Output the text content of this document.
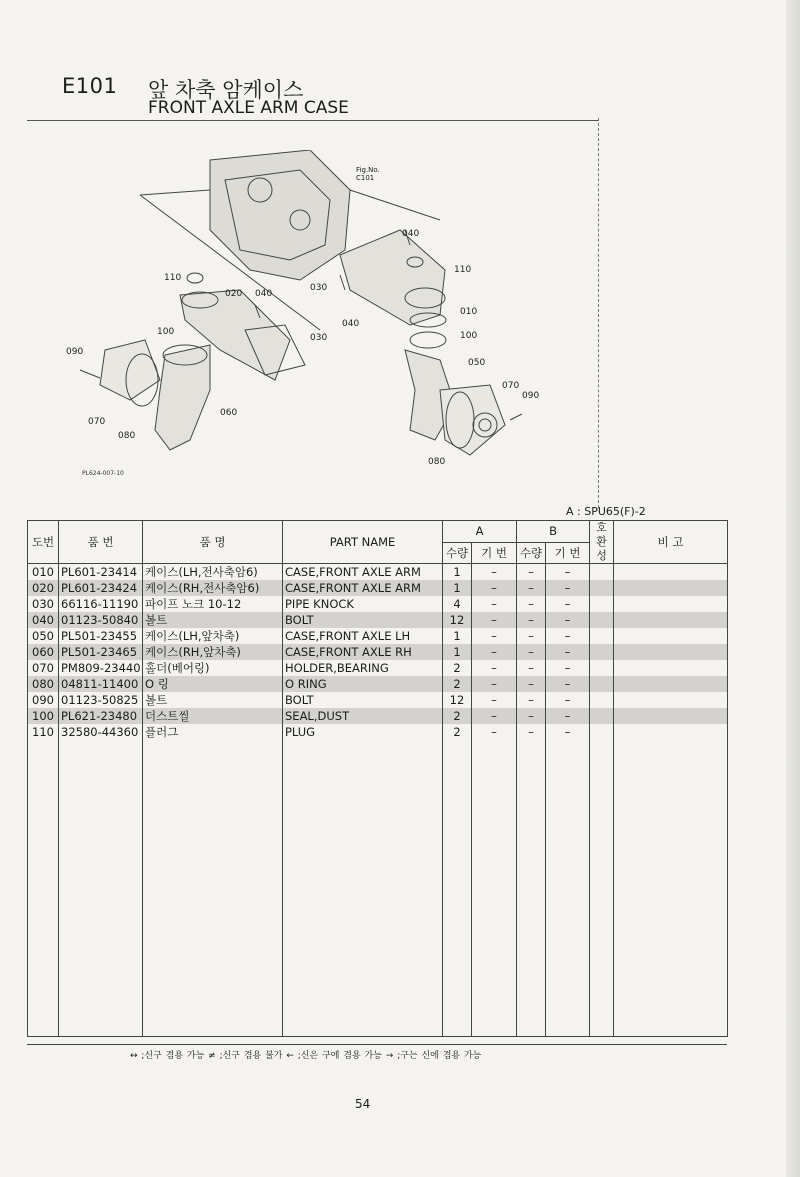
E101 앞 차축 암케이스
FRONT AXLE ARM CASE
Fig.No.
C101
110
020 040
030
100
090
070
080
060
040
110
030
040
010
100
050
070
090
080
PL624-007-10
A : SPU65(F)-2
도번	품 번	품 명	PART NAME	A		B		호
환
성	비 고
				수량	기 번	수량	기 번		
010	PL601-23414	케이스(LH,전사축암6)	CASE,FRONT AXLE ARM	1	–	–	–		
020	PL601-23424	케이스(RH,전사축암6)	CASE,FRONT AXLE ARM	1	–	–	–		
030	66116-11190	파이프 노크 10-12	PIPE KNOCK	4	–	–	–		
040	01123-50840	볼트	BOLT	12	–	–	–		
050	PL501-23455	케이스(LH,앞차축)	CASE,FRONT AXLE LH	1	–	–	–		
060	PL501-23465	케이스(RH,앞차축)	CASE,FRONT AXLE RH	1	–	–	–		
070	PM809-23440	홀더(베어링)	HOLDER,BEARING	2	–	–	–		
080	04811-11400	O 링	O RING	2	–	–	–		
090	01123-50825	볼트	BOLT	12	–	–	–		
100	PL621-23480	더스트씰	SEAL,DUST	2	–	–	–		
110	32580-44360	플러그	PLUG	2	–	–	–		

↔ ;신구 겸용 가능 ≠ ;신구 겸용 불가 ← ;신은 구에 겸용 가능 → ;구는 신에 겸용 가능
54
